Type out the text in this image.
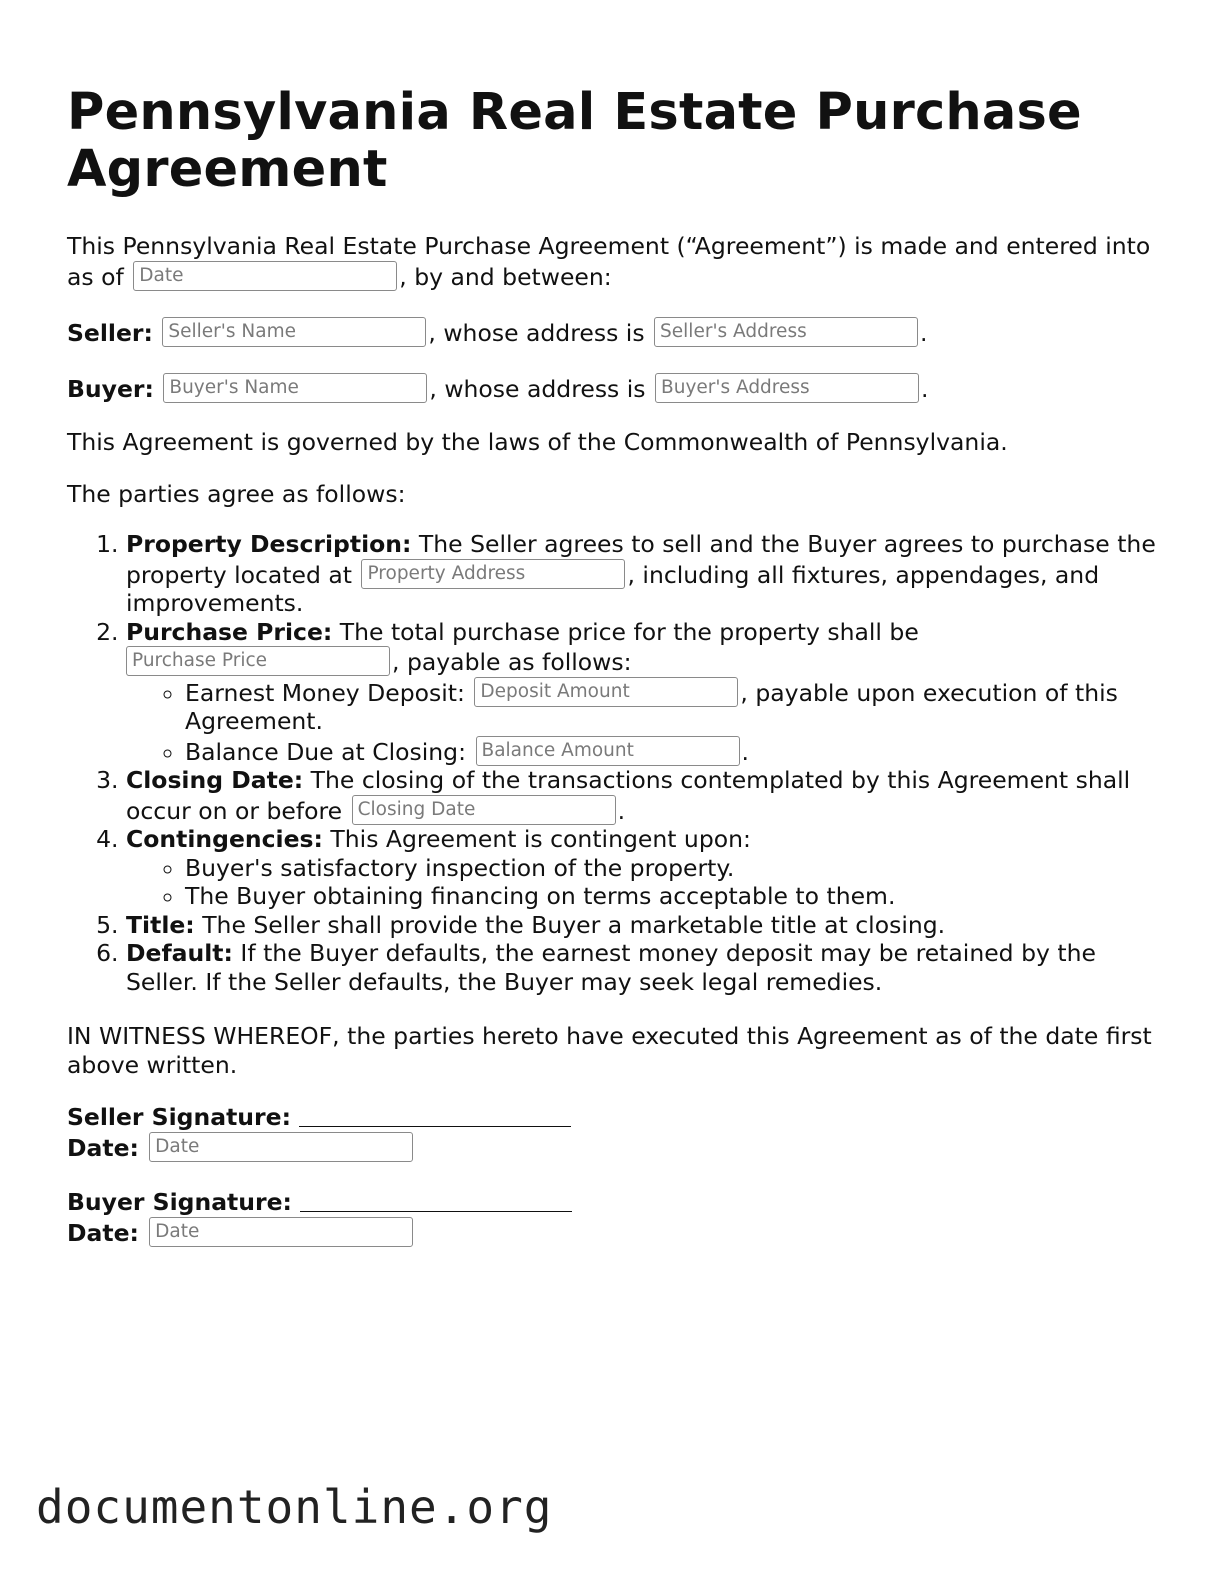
Pennsylvania Real Estate Purchase Agreement

This Pennsylvania Real Estate Purchase Agreement (“Agreement”) is made and entered into as of Date	, by and between:

Seller: Seller's Name	, whose address is Seller's Address	.

Buyer: Buyer's Name	, whose address is Buyer's Address	.

This Agreement is governed by the laws of the Commonwealth of Pennsylvania.

The parties agree as follows:

1. Property Description: The Seller agrees to sell and the Buyer agrees to purchase the property located at Property Address	, including all fixtures, appendages, and improvements.
2. Purchase Price: The total purchase price for the property shall be Purchase Price	, payable as follows:
◦ Earnest Money Deposit: Deposit Amount	, payable upon execution of this Agreement.
◦ Balance Due at Closing: Balance Amount	.
3. Closing Date: The closing of the transactions contemplated by this Agreement shall occur on or before Closing Date	.
4. Contingencies: This Agreement is contingent upon:
◦ Buyer's satisfactory inspection of the property.
◦ The Buyer obtaining financing on terms acceptable to them.
5. Title: The Seller shall provide the Buyer a marketable title at closing.
6. Default: If the Buyer defaults, the earnest money deposit may be retained by the Seller. If the Seller defaults, the Buyer may seek legal remedies.

IN WITNESS WHEREOF, the parties hereto have executed this Agreement as of the date first above written.

Seller Signature:
Date: Date
Buyer Signature:
Date: Date
documentonline.org
